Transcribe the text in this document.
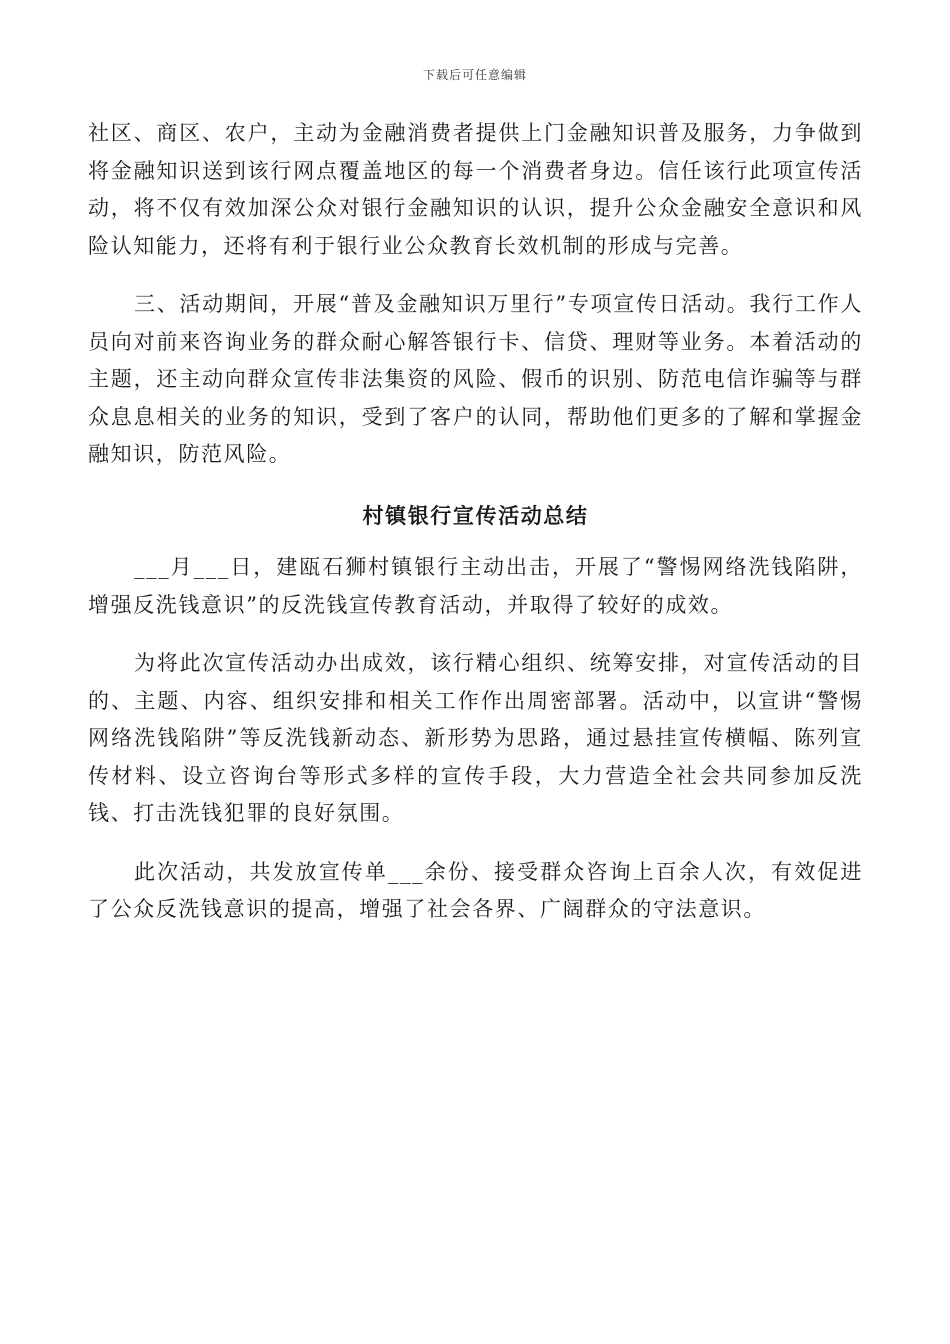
下载后可任意编辑

社区、商区、农户，主动为金融消费者提供上门金融知识普及服务，力争做到将金融知识送到该行网点覆盖地区的每一个消费者身边。信任该行此项宣传活动，将不仅有效加深公众对银行金融知识的认识，提升公众金融安全意识和风险认知能力，还将有利于银行业公众教育长效机制的形成与完善。

三、活动期间，开展“普及金融知识万里行”专项宣传日活动。我行工作人员向对前来咨询业务的群众耐心解答银行卡、信贷、理财等业务。本着活动的主题，还主动向群众宣传非法集资的风险、假币的识别、防范电信诈骗等与群众息息相关的业务的知识，受到了客户的认同，帮助他们更多的了解和掌握金融知识，防范风险。

村镇银行宣传活动总结

___月___日，建瓯石狮村镇银行主动出击，开展了“警惕网络洗钱陷阱，增强反洗钱意识”的反洗钱宣传教育活动，并取得了较好的成效。

为将此次宣传活动办出成效，该行精心组织、统筹安排，对宣传活动的目的、主题、内容、组织安排和相关工作作出周密部署。活动中，以宣讲“警惕网络洗钱陷阱”等反洗钱新动态、新形势为思路，通过悬挂宣传横幅、陈列宣传材料、设立咨询台等形式多样的宣传手段，大力营造全社会共同参加反洗钱、打击洗钱犯罪的良好氛围。

此次活动，共发放宣传单___余份、接受群众咨询上百余人次，有效促进了公众反洗钱意识的提高，增强了社会各界、广阔群众的守法意识。
